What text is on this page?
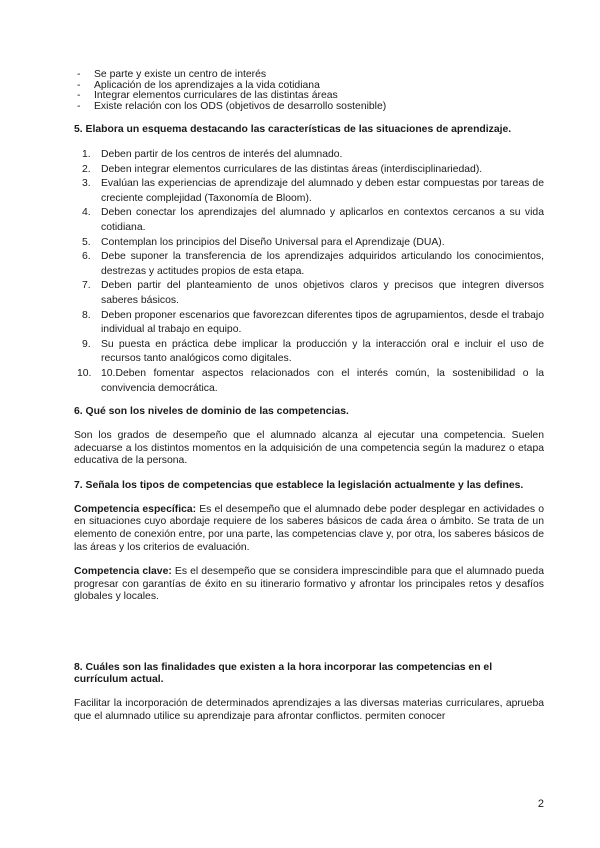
- Se parte y existe un centro de interés
- Aplicación de los aprendizajes a la vida cotidiana
- Integrar elementos curriculares de las distintas áreas
- Existe relación con los ODS (objetivos de desarrollo sostenible)
5. Elabora un esquema destacando las características de las situaciones de aprendizaje.
1. Deben partir de los centros de interés del alumnado.
2. Deben integrar elementos curriculares de las distintas áreas (interdisciplinariedad).
3. Evalúan las experiencias de aprendizaje del alumnado y deben estar compuestas por tareas de creciente complejidad (Taxonomía de Bloom).
4. Deben conectar los aprendizajes del alumnado y aplicarlos en contextos cercanos a su vida cotidiana.
5. Contemplan los principios del Diseño Universal para el Aprendizaje (DUA).
6. Debe suponer la transferencia de los aprendizajes adquiridos articulando los conocimientos, destrezas y actitudes propios de esta etapa.
7. Deben partir del planteamiento de unos objetivos claros y precisos que integren diversos saberes básicos.
8. Deben proponer escenarios que favorezcan diferentes tipos de agrupamientos, desde el trabajo individual al trabajo en equipo.
9. Su puesta en práctica debe implicar la producción y la interacción oral e incluir el uso de recursos tanto analógicos como digitales.
10. 10.Deben fomentar aspectos relacionados con el interés común, la sostenibilidad o la convivencia democrática.
6. Qué son los niveles de dominio de las competencias.

Son los grados de desempeño que el alumnado alcanza al ejecutar una competencia. Suelen adecuarse a los distintos momentos en la adquisición de una competencia según la madurez o etapa educativa de la persona.

7. Señala los tipos de competencias que establece la legislación actualmente y las defines.

Competencia específica: Es el desempeño que el alumnado debe poder desplegar en actividades o en situaciones cuyo abordaje requiere de los saberes básicos de cada área o ámbito. Se trata de un elemento de conexión entre, por una parte, las competencias clave y, por otra, los saberes básicos de las áreas y los criterios de evaluación.

Competencia clave: Es el desempeño que se considera imprescindible para que el alumnado pueda progresar con garantías de éxito en su itinerario formativo y afrontar los principales retos y desafíos globales y locales.

8. Cuáles son las finalidades que existen a la hora incorporar las competencias en el currículum actual.

Facilitar la incorporación de determinados aprendizajes a las diversas materias curriculares, aprueba que el alumnado utilice su aprendizaje para afrontar conflictos. permiten conocer

2
